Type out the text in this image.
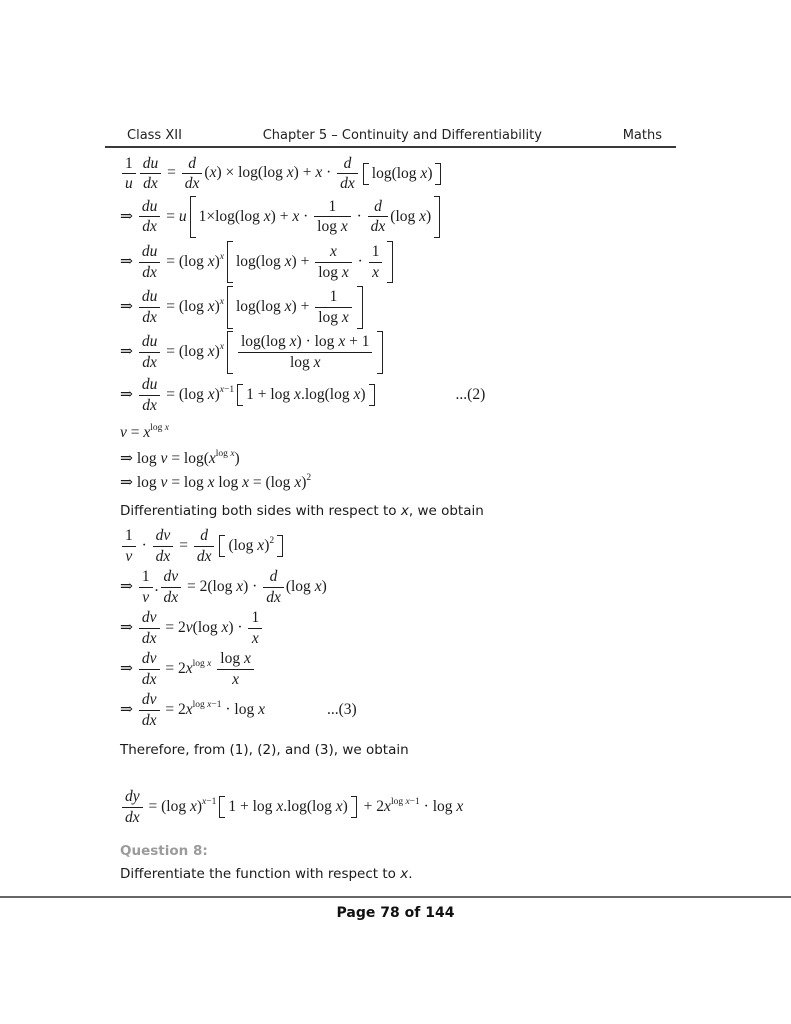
Class XII	Chapter 5 – Continuity and Differentiability	Maths
$\frac{1}{u} \frac{du}{dx} = \frac{d}{dx} (x) \times \log(\log$ $x) + x \cdot \frac{d}{dx} \log(\log$ x)
⇒ $\frac{du}{dx} = u$ 1×log(log $x) + x \cdot \frac{1}{\text{log x}} \cdot \frac{d}{dx} (\log$ x)
⇒ $\frac{du}{dx} = (\log$ x)$^x$ log(log $x) + \frac{x}{\text{log x}} \cdot \frac{1}{x}$
⇒ $\frac{du}{dx} = (\log$ x)$^x$ log(log $x) + \frac{1}{\text{log x}}$
⇒ $\frac{du}{dx} = (\log$ $x)^x \frac{\text{log(log x) · log x + 1}}{\text{log x}}$
⇒ $\frac{du}{dx} = (\log$ x)$^{x-1}$ 1 + log x.log(log x)	...(2)
$v = x^{log x}$
⇒ $\log v = \log(x^{log x})$
⇒ log v = log x log x = (log x)$^2$
Differentiating both sides with respect to x, we obtain
$\frac{1}{v} \cdot \frac{dv}{dx} = \frac{d}{dx} (\log$ x)$^2$
⇒ $\frac{1}{v}$ . $\frac{dv}{dx} = 2(\log$ $x) \cdot \frac{d}{dx} (\log$ x)
⇒ $\frac{dv}{dx} = 2v(\log$ $x) \cdot \frac{1}{x}$
⇒ $\frac{dv}{dx} = 2x^{log x} \frac{\text{log x}}{x}$
⇒ $\frac{dv}{dx} = 2x^{log x-1} \cdot \log x$	...(3)
Therefore, from (1), (2), and (3), we obtain
$\frac{dy}{dx} = (\log$ x)$^{x-1}$ 1 + log x.log(log $x) + 2x^{log x-1} \cdot \log x$
Question 8:
Differentiate the function with respect to x.
Page 78 of 144
